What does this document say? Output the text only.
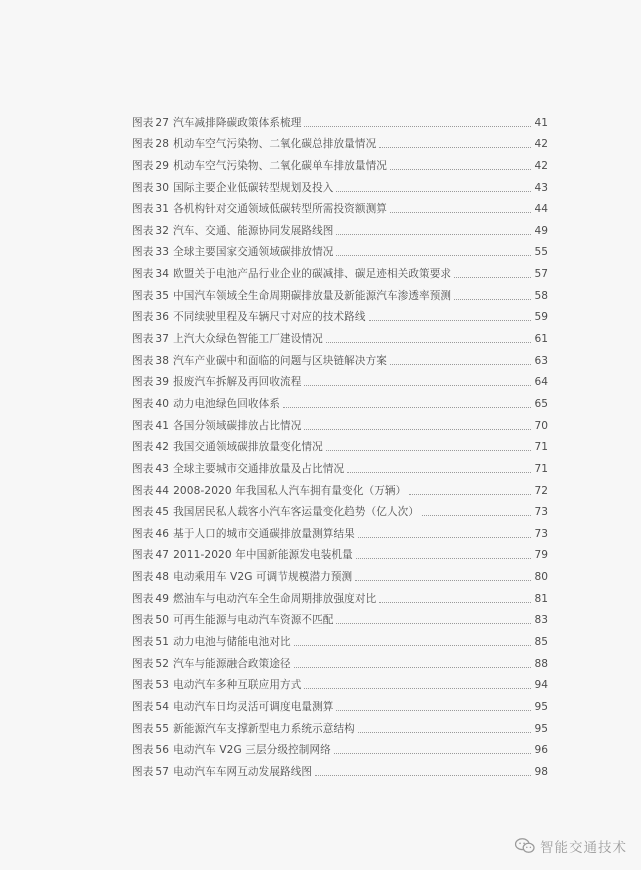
图表 27 汽车减排降碳政策体系梳理	41
图表 28 机动车空气污染物、二氧化碳总排放量情况	42
图表 29 机动车空气污染物、二氧化碳单车排放量情况	42
图表 30 国际主要企业低碳转型规划及投入	43
图表 31 各机构针对交通领域低碳转型所需投资额测算	44
图表 32 汽车、交通、能源协同发展路线图	49
图表 33 全球主要国家交通领域碳排放情况	55
图表 34 欧盟关于电池产品行业企业的碳减排、碳足迹相关政策要求	57
图表 35 中国汽车领域全生命周期碳排放量及新能源汽车渗透率预测	58
图表 36 不同续驶里程及车辆尺寸对应的技术路线	59
图表 37 上汽大众绿色智能工厂建设情况	61
图表 38 汽车产业碳中和面临的问题与区块链解决方案	63
图表 39 报废汽车拆解及再回收流程	64
图表 40 动力电池绿色回收体系	65
图表 41 各国分领域碳排放占比情况	70
图表 42 我国交通领域碳排放量变化情况	71
图表 43 全球主要城市交通排放量及占比情况	71
图表 44 2008-2020 年我国私人汽车拥有量变化（万辆）	72
图表 45 我国居民私人载客小汽车客运量变化趋势（亿人次）	73
图表 46 基于人口的城市交通碳排放量测算结果	73
图表 47 2011-2020 年中国新能源发电装机量	79
图表 48 电动乘用车 V2G 可调节规模潜力预测	80
图表 49 燃油车与电动汽车全生命周期排放强度对比	81
图表 50 可再生能源与电动汽车资源不匹配	83
图表 51 动力电池与储能电池对比	85
图表 52 汽车与能源融合政策途径	88
图表 53 电动汽车多种互联应用方式	94
图表 54 电动汽车日均灵活可调度电量测算	95
图表 55 新能源汽车支撑新型电力系统示意结构	95
图表 56 电动汽车 V2G 三层分级控制网络	96
图表 57 电动汽车车网互动发展路线图	98
智能交通技术
